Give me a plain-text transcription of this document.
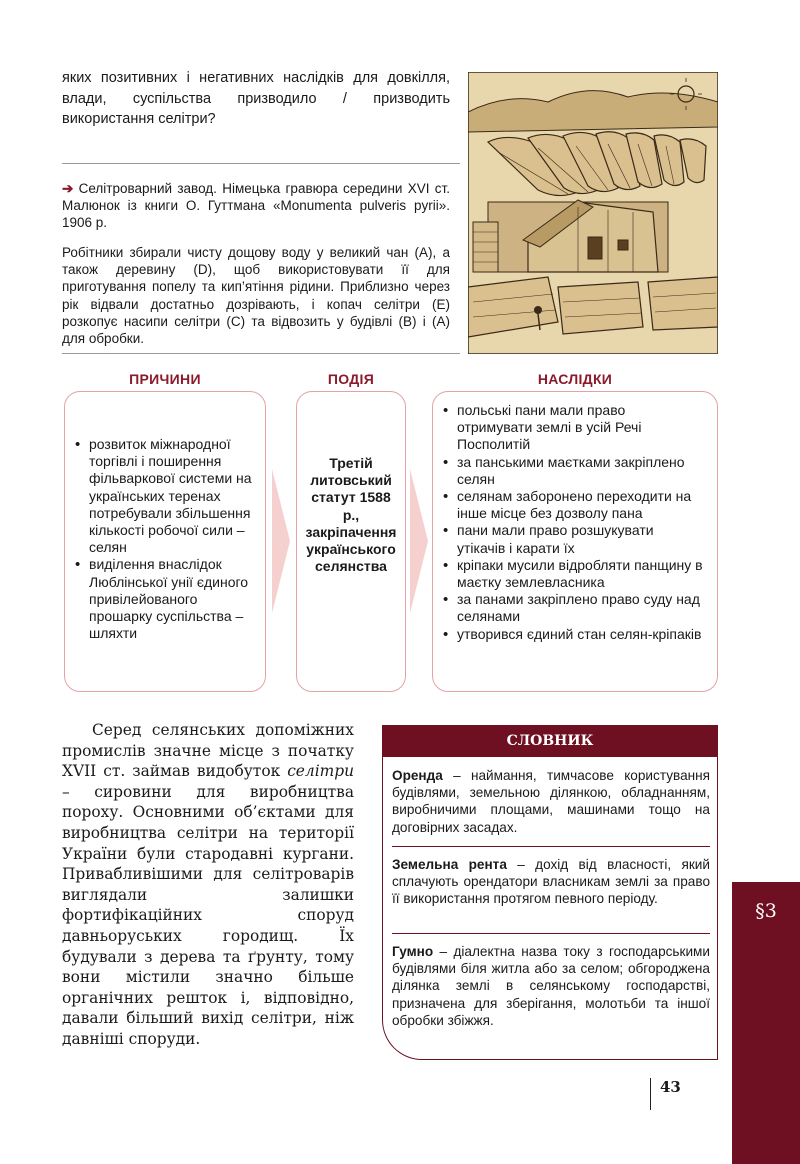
яких позитивних і негативних наслідків для довкілля, влади, суспільства призводило / призводить використання селітри?
➔ Селітроварний завод. Німецька гравюра середини XVI ст. Малюнок із книги О. Гуттмана «Monumenta pulveris pyrii». 1906 р.
Робітники збирали чисту дощову воду у великий чан (А), а також деревину (D), щоб використовувати її для приготування попелу та кип’ятіння рідини. Приблизно через рік відвали достатньо дозрівають, і копач селітри (Е) розкопує насипи селітри (С) та відвозить у будівлі (В) і (А) для обробки.
ПРИЧИНИ	ПОДІЯ	НАСЛІДКИ
• розвиток міжнародної торгівлі і поширення фільваркової системи на українських теренах потребували збільшення кількості робочої сили – селян
• виділення внаслідок Люблінської унії єдиного привілейованого прошарку суспільства – шляхти
Третій литовський статут 1588 р., закріпачення українського селянства
• польські пани мали право отримувати землі в усій Речі Посполитій
• за панськими маєтками закріплено селян
• селянам заборонено переходити на інше місце без дозволу пана
• пани мали право розшукувати утікачів і карати їх
• кріпаки мусили відробляти панщину в маєтку землевласника
• за панами закріплено право суду над селянами
• утворився єдиний стан селян-кріпаків

Серед селянських допоміжних промислів значне місце з початку XVII ст. займав видобуток селітри – сировини для виробництва пороху. Основними об’єктами для виробництва селітри на території України були стародавні кургани. Привабливішими для селітроварів виглядали залишки фортифікаційних споруд давньоруських городищ. Їх будували з дерева та ґрунту, тому вони містили значно більше органічних решток і, відповідно, давали більший вихід селітри, ніж давніші споруди.

СЛОВНИК
Оренда – наймання, тимчасове користування будівлями, земельною ділянкою, обладнанням, виробничими площами, машинами тощо на договірних засадах.
Земельна рента – дохід від власності, який сплачують орендатори власникам землі за право її використання протягом певного періоду.
Гумно – діалектна назва току з господарськими будівлями біля житла або за селом; обгороджена ділянка землі в селянському господарстві, призначена для зберігання, молотьби та іншої обробки збіжжя.
§3
43
